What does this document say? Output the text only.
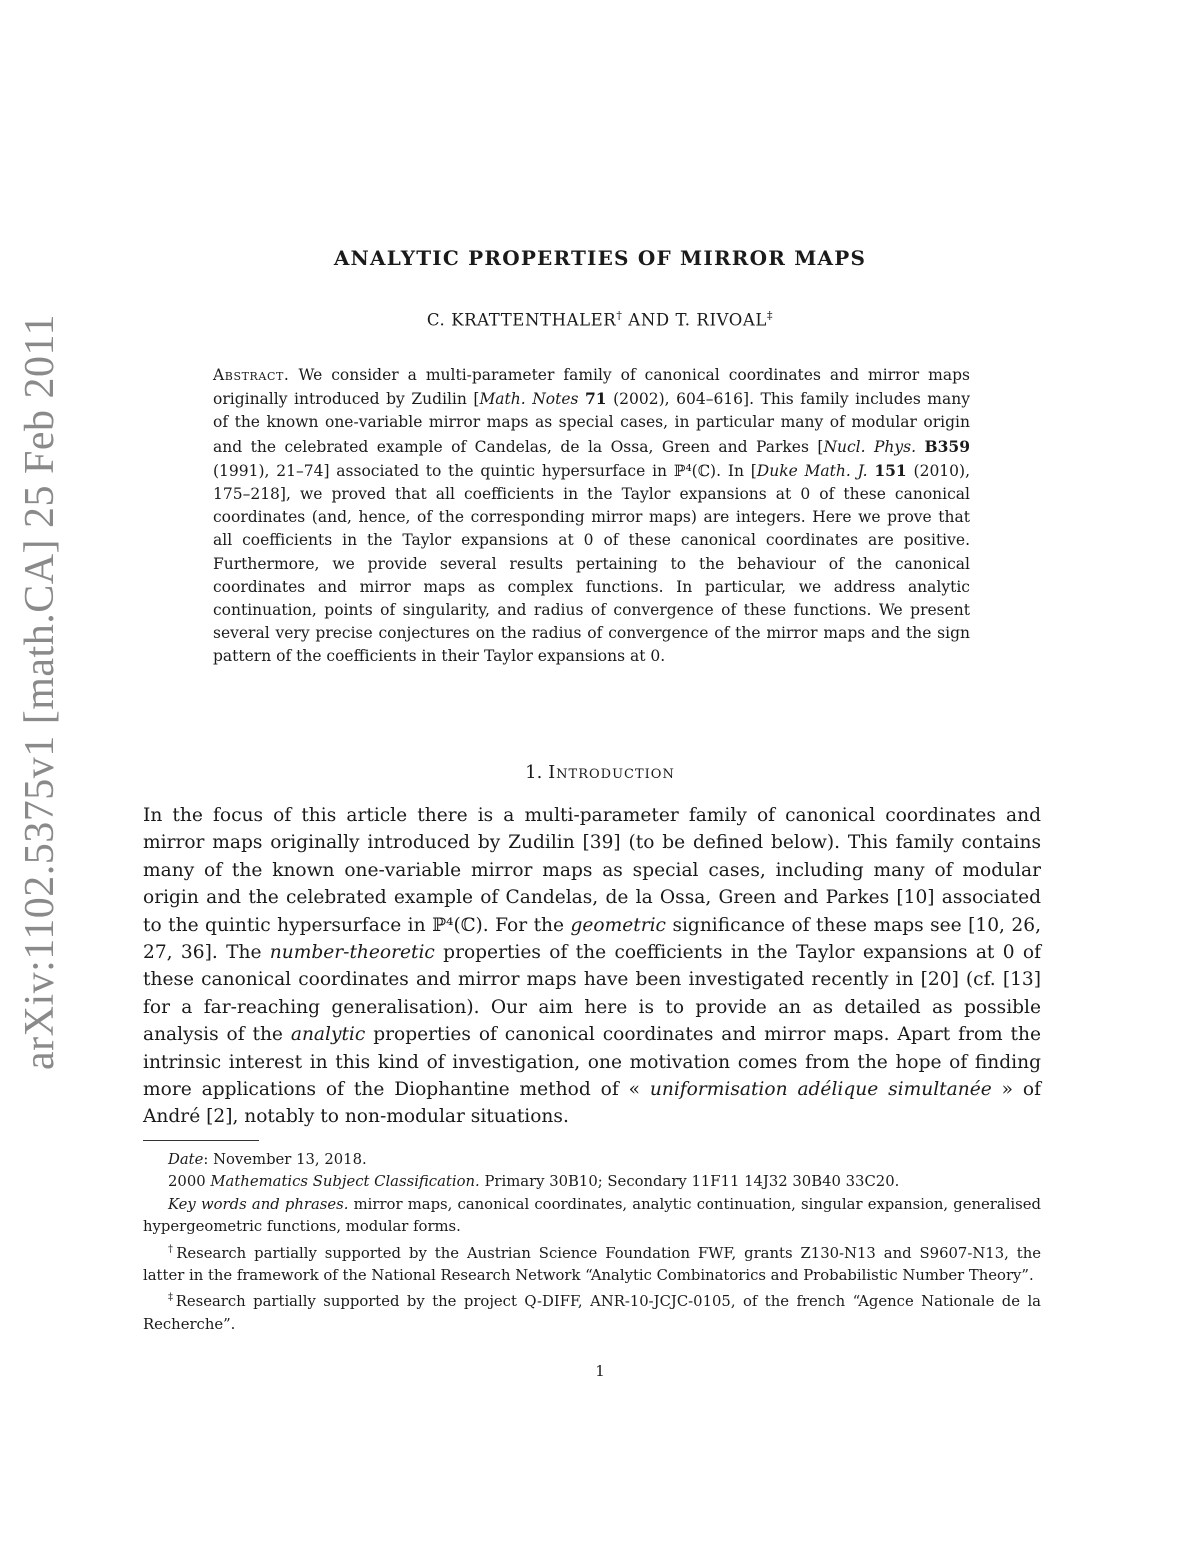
arXiv:1102.5375v1 [math.CA] 25 Feb 2011
ANALYTIC PROPERTIES OF MIRROR MAPS
C. KRATTENTHALER† AND T. RIVOAL‡
Abstract. We consider a multi-parameter family of canonical coordinates and mirror maps originally introduced by Zudilin [Math. Notes 71 (2002), 604–616]. This family includes many of the known one-variable mirror maps as special cases, in particular many of modular origin and the celebrated example of Candelas, de la Ossa, Green and Parkes [Nucl. Phys. B359 (1991), 21–74] associated to the quintic hypersurface in ℙ⁴(ℂ). In [Duke Math. J. 151 (2010), 175–218], we proved that all coefficients in the Taylor expansions at 0 of these canonical coordinates (and, hence, of the corresponding mirror maps) are integers. Here we prove that all coefficients in the Taylor expansions at 0 of these canonical coordinates are positive. Furthermore, we provide several results pertaining to the behaviour of the canonical coordinates and mirror maps as complex functions. In particular, we address analytic continuation, points of singularity, and radius of convergence of these functions. We present several very precise conjectures on the radius of convergence of the mirror maps and the sign pattern of the coefficients in their Taylor expansions at 0.
1. Introduction
In the focus of this article there is a multi-parameter family of canonical coordinates and mirror maps originally introduced by Zudilin [39] (to be defined below). This family contains many of the known one-variable mirror maps as special cases, including many of modular origin and the celebrated example of Candelas, de la Ossa, Green and Parkes [10] associated to the quintic hypersurface in ℙ⁴(ℂ). For the geometric significance of these maps see [10, 26, 27, 36]. The number-theoretic properties of the coefficients in the Taylor expansions at 0 of these canonical coordinates and mirror maps have been investigated recently in [20] (cf. [13] for a far-reaching generalisation). Our aim here is to provide an as detailed as possible analysis of the analytic properties of canonical coordinates and mirror maps. Apart from the intrinsic interest in this kind of investigation, one motivation comes from the hope of finding more applications of the Diophantine method of « uniformisation adélique simultanée » of André [2], notably to non-modular situations.

Date: November 13, 2018.

2000 Mathematics Subject Classification. Primary 30B10; Secondary 11F11 14J32 30B40 33C20.

Key words and phrases. mirror maps, canonical coordinates, analytic continuation, singular expansion, generalised hypergeometric functions, modular forms.

†Research partially supported by the Austrian Science Foundation FWF, grants Z130-N13 and S9607-N13, the latter in the framework of the National Research Network “Analytic Combinatorics and Probabilistic Number Theory”.

‡Research partially supported by the project Q-DIFF, ANR-10-JCJC-0105, of the french “Agence Nationale de la Recherche”.

1
